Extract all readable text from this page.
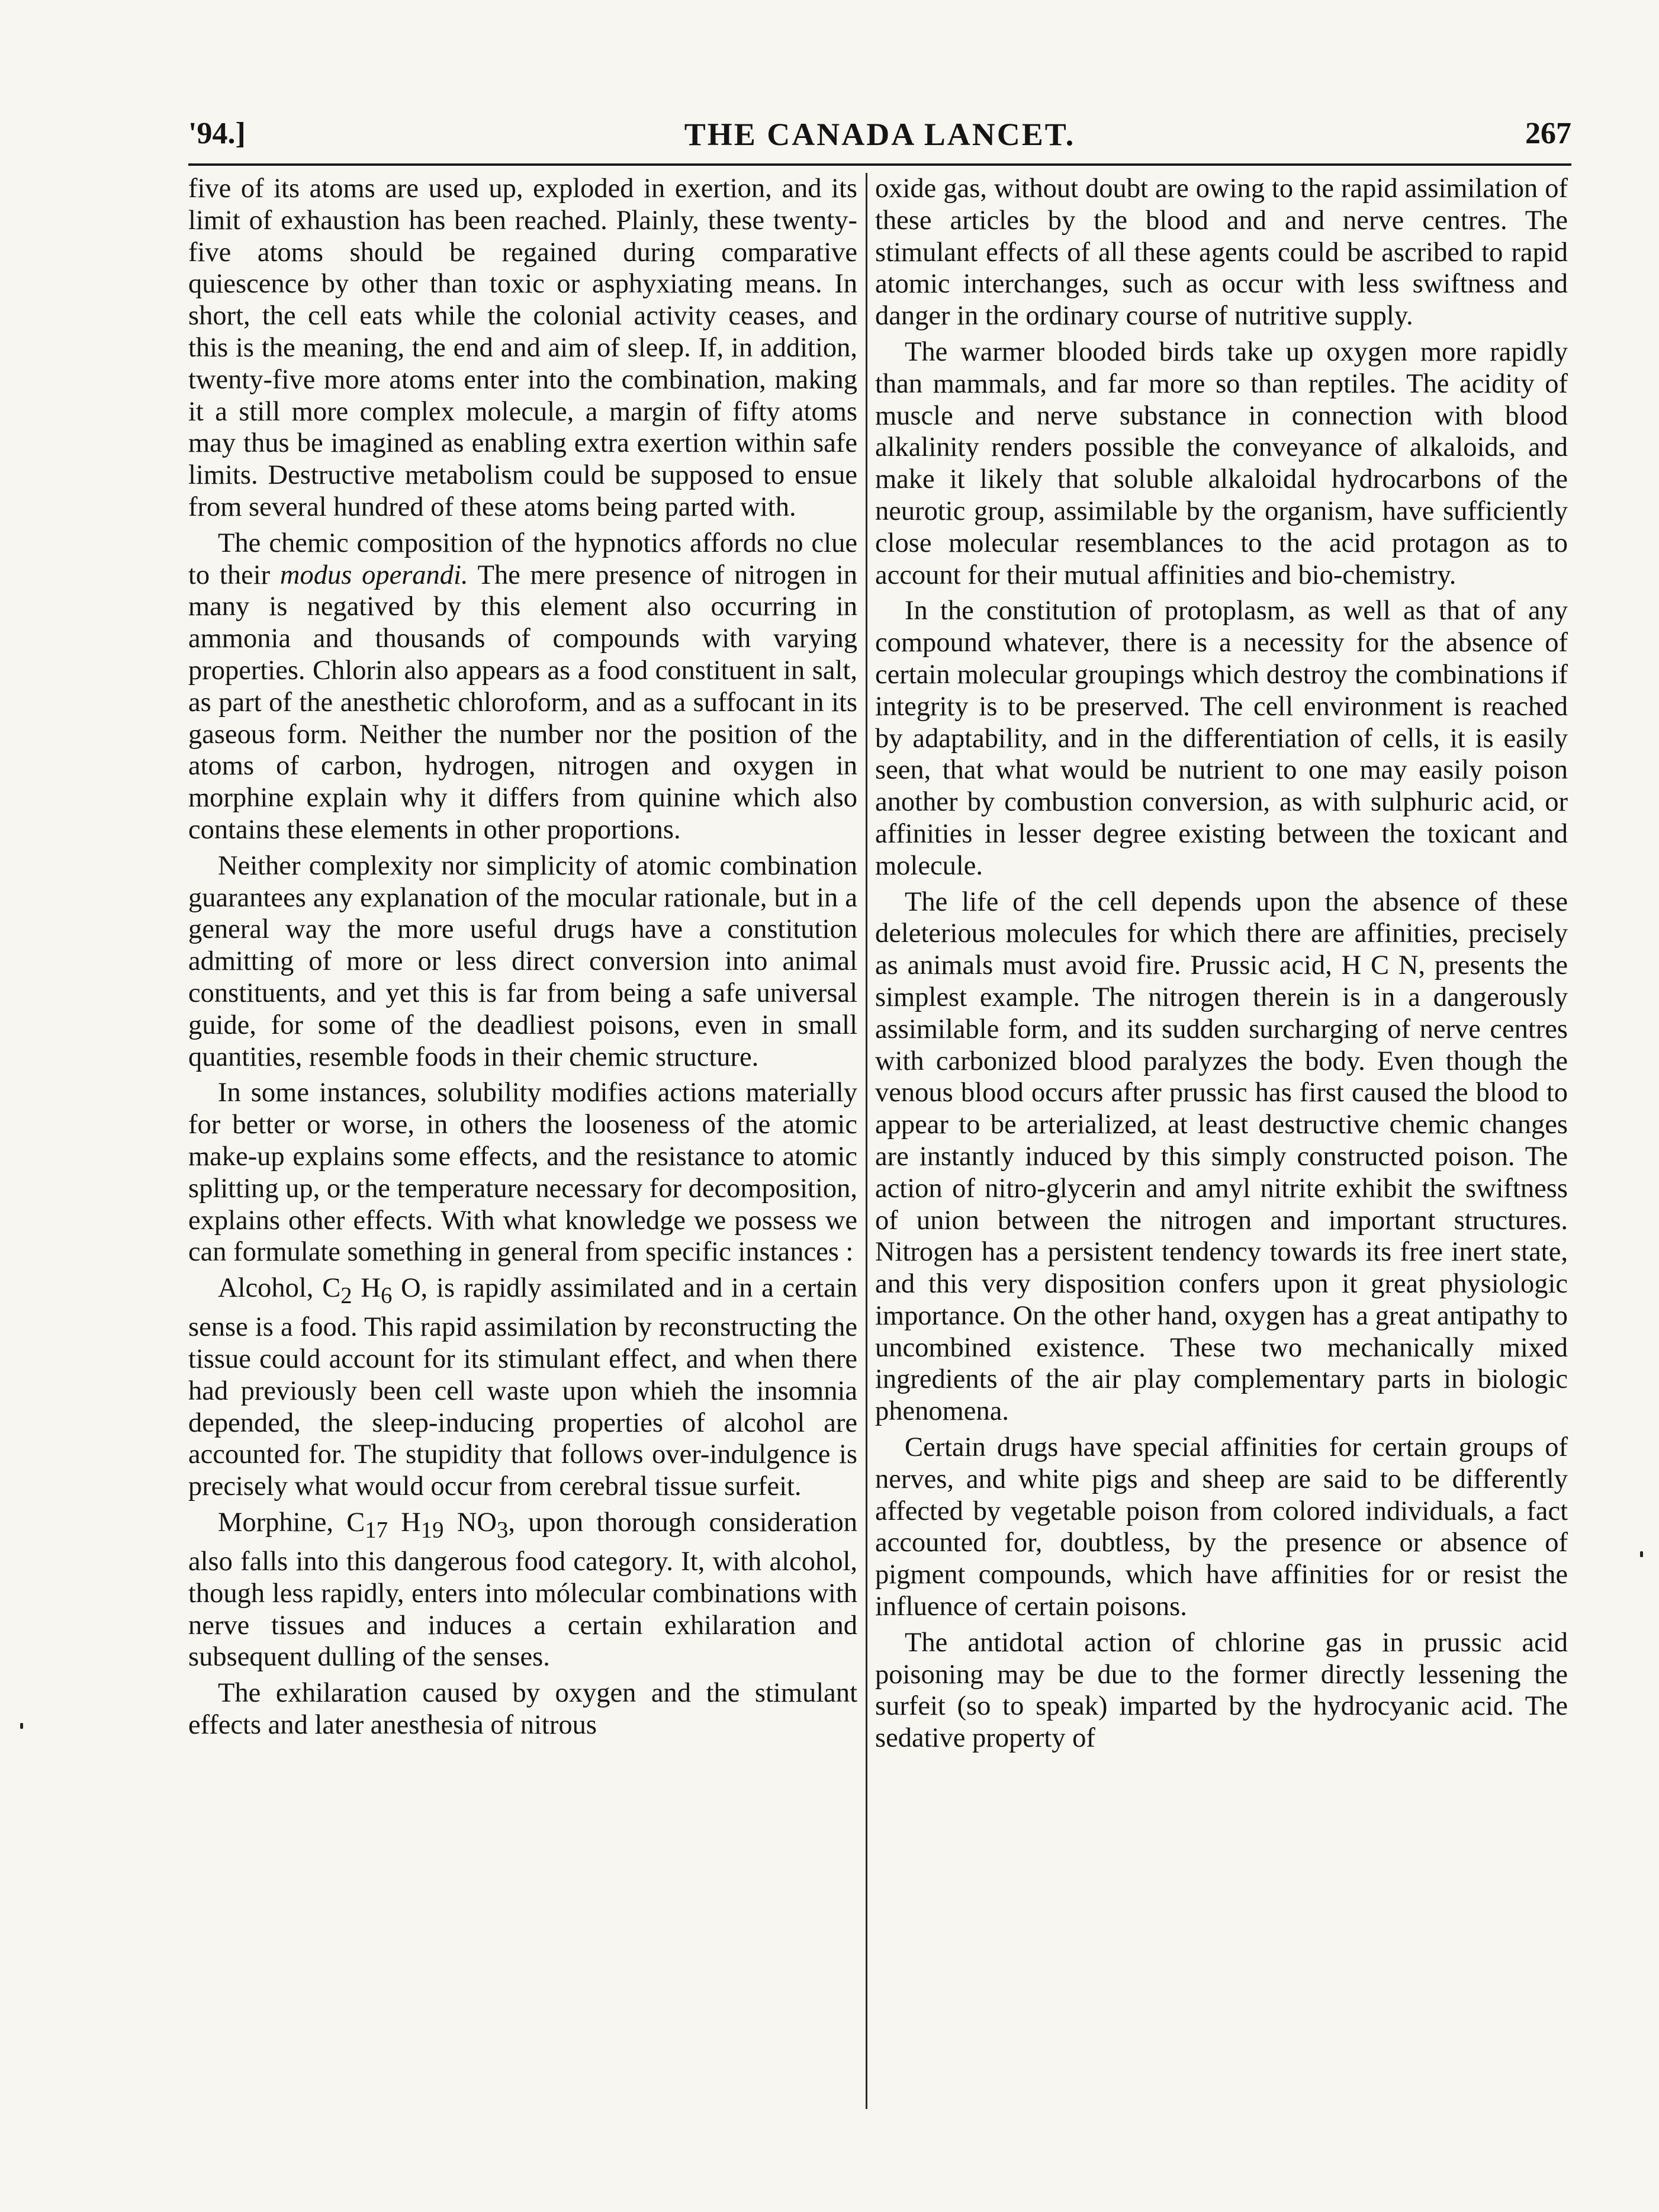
'94.]	THE CANADA LANCET.	267

five of its atoms are used up, exploded in exertion, and its limit of exhaustion has been reached. Plainly, these twenty-five atoms should be regained during comparative quiescence by other than toxic or asphyxiating means. In short, the cell eats while the colonial activity ceases, and this is the meaning, the end and aim of sleep. If, in addition, twenty-five more atoms enter into the combination, making it a still more complex molecule, a margin of fifty atoms may thus be imagined as enabling extra exertion within safe limits. Destructive metabolism could be supposed to ensue from several hundred of these atoms being parted with.

The chemic composition of the hypnotics affords no clue to their modus operandi. The mere presence of nitrogen in many is negatived by this element also occurring in ammonia and thousands of compounds with varying properties. Chlorin also appears as a food constituent in salt, as part of the anesthetic chloroform, and as a suffocant in its gaseous form. Neither the number nor the position of the atoms of carbon, hydrogen, nitrogen and oxygen in morphine explain why it differs from quinine which also contains these elements in other proportions.

Neither complexity nor simplicity of atomic combination guarantees any explanation of the mocular rationale, but in a general way the more useful drugs have a constitution admitting of more or less direct conversion into animal constituents, and yet this is far from being a safe universal guide, for some of the deadliest poisons, even in small quantities, resemble foods in their chemic structure.

In some instances, solubility modifies actions materially for better or worse, in others the looseness of the atomic make-up explains some effects, and the resistance to atomic splitting up, or the temperature necessary for decomposition, explains other effects. With what knowledge we possess we can formulate something in general from specific instances :

Alcohol, $C_2$ $H_6$ O, is rapidly assimilated and in a certain sense is a food. This rapid assimilation by reconstructing the tissue could account for its stimulant effect, and when there had previously been cell waste upon whieh the insomnia depended, the sleep-inducing properties of alcohol are accounted for. The stupidity that follows over-indulgence is precisely what would occur from cerebral tissue surfeit.

Morphine, $C_{17}$ $H_{19}$ $NO_3$, upon thorough consideration also falls into this dangerous food category. It, with alcohol, though less rapidly, enters into mólecular combinations with nerve tissues and induces a certain exhilaration and subsequent dulling of the senses.

The exhilaration caused by oxygen and the stimulant effects and later anesthesia of nitrous

oxide gas, without doubt are owing to the rapid assimilation of these articles by the blood and and nerve centres. The stimulant effects of all these agents could be ascribed to rapid atomic interchanges, such as occur with less swiftness and danger in the ordinary course of nutritive supply.

The warmer blooded birds take up oxygen more rapidly than mammals, and far more so than reptiles. The acidity of muscle and nerve substance in connection with blood alkalinity renders possible the conveyance of alkaloids, and make it likely that soluble alkaloidal hydrocarbons of the neurotic group, assimilable by the organism, have sufficiently close molecular resemblances to the acid protagon as to account for their mutual affinities and bio-chemistry.

In the constitution of protoplasm, as well as that of any compound whatever, there is a necessity for the absence of certain molecular groupings which destroy the combinations if integrity is to be preserved. The cell environment is reached by adaptability, and in the differentiation of cells, it is easily seen, that what would be nutrient to one may easily poison another by combustion conversion, as with sulphuric acid, or affinities in lesser degree existing between the toxicant and molecule.

The life of the cell depends upon the absence of these deleterious molecules for which there are affinities, precisely as animals must avoid fire. Prussic acid, H C N, presents the simplest example. The nitrogen therein is in a dangerously assimilable form, and its sudden surcharging of nerve centres with carbonized blood paralyzes the body. Even though the venous blood occurs after prussic has first caused the blood to appear to be arterialized, at least destructive chemic changes are instantly induced by this simply constructed poison. The action of nitro-glycerin and amyl nitrite exhibit the swiftness of union between the nitrogen and important structures. Nitrogen has a persistent tendency towards its free inert state, and this very disposition confers upon it great physiologic importance. On the other hand, oxygen has a great antipathy to uncombined existence. These two mechanically mixed ingredients of the air play complementary parts in biologic phenomena.

Certain drugs have special affinities for certain groups of nerves, and white pigs and sheep are said to be differently affected by vegetable poison from colored individuals, a fact accounted for, doubtless, by the presence or absence of pigment compounds, which have affinities for or resist the influence of certain poisons.

The antidotal action of chlorine gas in prussic acid poisoning may be due to the former directly lessening the surfeit (so to speak) imparted by the hydrocyanic acid. The sedative property of
